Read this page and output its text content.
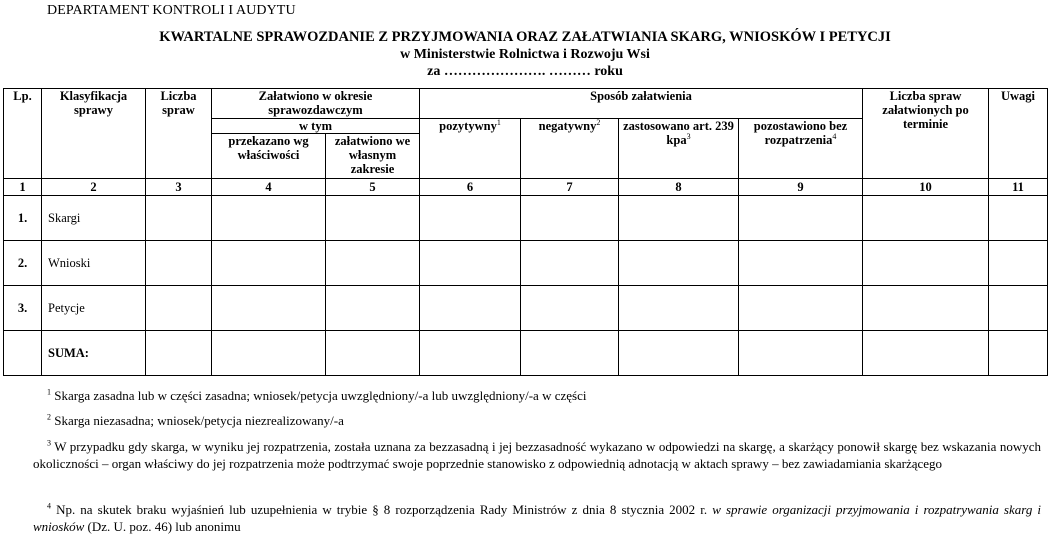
DEPARTAMENT KONTROLI I AUDYTU
KWARTALNE SPRAWOZDANIE Z PRZYJMOWANIA ORAZ ZAŁATWIANIA SKARG, WNIOSKÓW I PETYCJI
w Ministerstwie Rolnictwa i Rozwoju Wsi
za …………………. ……… roku
Lp.	Klasyfikacja sprawy	Liczba spraw	Załatwiono w okresie sprawozdawczym		Sposób załatwienia				Liczba spraw załatwionych po terminie	Uwagi
			w tym		pozytywny$^1$	negatywny$^2$	zastosowano art. 239 kpa$^3$	pozostawiono bez rozpatrzenia$^4$
			przekazano wg właściwości	załatwiono we własnym zakresie						
1	2	3	4	5	6	7	8	9	10	11
1.	Skargi									
2.	Wnioski									
3.	Petycje									
	SUMA:									
$^1$ Skarga zasadna lub w części zasadna; wniosek/petycja uwzględniony/-a lub uwzględniony/-a w części
$^2$ Skarga niezasadna; wniosek/petycja niezrealizowany/-a
$^3$ W przypadku gdy skarga, w wyniku jej rozpatrzenia, została uznana za bezzasadną i jej bezzasadność wykazano w odpowiedzi na skargę, a skarżący ponowił skargę bez wskazania nowych okoliczności – organ właściwy do jej rozpatrzenia może podtrzymać swoje poprzednie stanowisko z odpowiednią adnotacją w aktach sprawy – bez zawiadamiania skarżącego
$^4$ Np. na skutek braku wyjaśnień lub uzupełnienia w trybie § 8 rozporządzenia Rady Ministrów z dnia 8 stycznia 2002 r. w sprawie organizacji przyjmowania i rozpatrywania skarg i wniosków (Dz. U. poz. 46) lub anonimu
